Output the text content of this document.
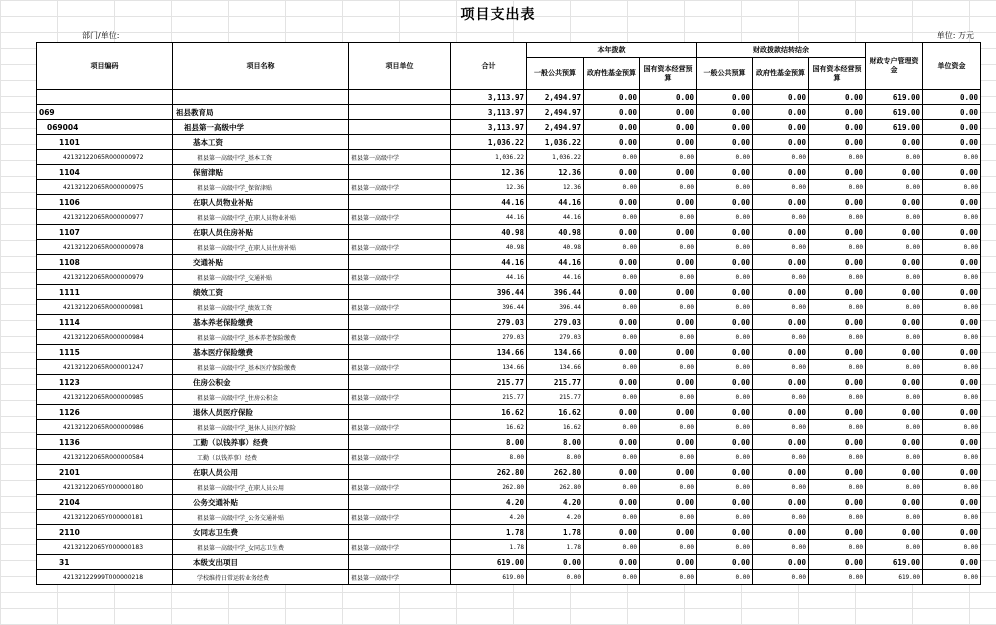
项目支出表
部门/单位:	单位: 万元
项目编码	项目名称	项目单位	合计	本年拨款			财政拨款结转结余			财政专户管理资金	单位资金
				一般公共预算	政府性基金预算	国有资本经营预算	一般公共预算	政府性基金预算	国有资本经营预算		
			3,113.97	2,494.97	0.00	0.00	0.00	0.00	0.00	619.00	0.00
069	祖县教育局		3,113.97	2,494.97	0.00	0.00	0.00	0.00	0.00	619.00	0.00
069004	祖县第一高级中学		3,113.97	2,494.97	0.00	0.00	0.00	0.00	0.00	619.00	0.00
1101	基本工资		1,036.22	1,036.22	0.00	0.00	0.00	0.00	0.00	0.00	0.00
42132122065R000000972	祖县第一高级中学_基本工资	祖县第一高级中学	1,036.22	1,036.22	0.00	0.00	0.00	0.00	0.00	0.00	0.00
1104	保留津贴		12.36	12.36	0.00	0.00	0.00	0.00	0.00	0.00	0.00
42132122065R000000975	祖县第一高级中学_保留津贴	祖县第一高级中学	12.36	12.36	0.00	0.00	0.00	0.00	0.00	0.00	0.00
1106	在职人员物业补贴		44.16	44.16	0.00	0.00	0.00	0.00	0.00	0.00	0.00
42132122065R000000977	祖县第一高级中学_在职人员物业补贴	祖县第一高级中学	44.16	44.16	0.00	0.00	0.00	0.00	0.00	0.00	0.00
1107	在职人员住房补贴		40.98	40.98	0.00	0.00	0.00	0.00	0.00	0.00	0.00
42132122065R000000978	祖县第一高级中学_在职人员住房补贴	祖县第一高级中学	40.98	40.98	0.00	0.00	0.00	0.00	0.00	0.00	0.00
1108	交通补贴		44.16	44.16	0.00	0.00	0.00	0.00	0.00	0.00	0.00
42132122065R000000979	祖县第一高级中学_交通补贴	祖县第一高级中学	44.16	44.16	0.00	0.00	0.00	0.00	0.00	0.00	0.00
1111	绩效工资		396.44	396.44	0.00	0.00	0.00	0.00	0.00	0.00	0.00
42132122065R000000981	祖县第一高级中学_绩效工资	祖县第一高级中学	396.44	396.44	0.00	0.00	0.00	0.00	0.00	0.00	0.00
1114	基本养老保险缴费		279.03	279.03	0.00	0.00	0.00	0.00	0.00	0.00	0.00
42132122065R000000984	祖县第一高级中学_基本养老保险缴费	祖县第一高级中学	279.03	279.03	0.00	0.00	0.00	0.00	0.00	0.00	0.00
1115	基本医疗保险缴费		134.66	134.66	0.00	0.00	0.00	0.00	0.00	0.00	0.00
42132122065R000001247	祖县第一高级中学_基本医疗保险缴费	祖县第一高级中学	134.66	134.66	0.00	0.00	0.00	0.00	0.00	0.00	0.00
1123	住房公积金		215.77	215.77	0.00	0.00	0.00	0.00	0.00	0.00	0.00
42132122065R000000985	祖县第一高级中学_住房公积金	祖县第一高级中学	215.77	215.77	0.00	0.00	0.00	0.00	0.00	0.00	0.00
1126	退休人员医疗保险		16.62	16.62	0.00	0.00	0.00	0.00	0.00	0.00	0.00
42132122065R000000986	祖县第一高级中学_退休人员医疗保险	祖县第一高级中学	16.62	16.62	0.00	0.00	0.00	0.00	0.00	0.00	0.00
1136	工勤（以钱养事）经费		8.00	8.00	0.00	0.00	0.00	0.00	0.00	0.00	0.00
42132122065R000000584	工勤（以钱养事）经费	祖县第一高级中学	8.00	8.00	0.00	0.00	0.00	0.00	0.00	0.00	0.00
2101	在职人员公用		262.80	262.80	0.00	0.00	0.00	0.00	0.00	0.00	0.00
42132122065Y000000180	祖县第一高级中学_在职人员公用	祖县第一高级中学	262.80	262.80	0.00	0.00	0.00	0.00	0.00	0.00	0.00
2104	公务交通补贴		4.20	4.20	0.00	0.00	0.00	0.00	0.00	0.00	0.00
42132122065Y000000181	祖县第一高级中学_公务交通补贴	祖县第一高级中学	4.20	4.20	0.00	0.00	0.00	0.00	0.00	0.00	0.00
2110	女同志卫生费		1.78	1.78	0.00	0.00	0.00	0.00	0.00	0.00	0.00
42132122065Y000000183	祖县第一高级中学_女同志卫生费	祖县第一高级中学	1.78	1.78	0.00	0.00	0.00	0.00	0.00	0.00	0.00
31	本级支出项目		619.00	0.00	0.00	0.00	0.00	0.00	0.00	619.00	0.00
42132122999T000000218	学校维持日常运转业务经费	祖县第一高级中学	619.00	0.00	0.00	0.00	0.00	0.00	0.00	619.00	0.00
